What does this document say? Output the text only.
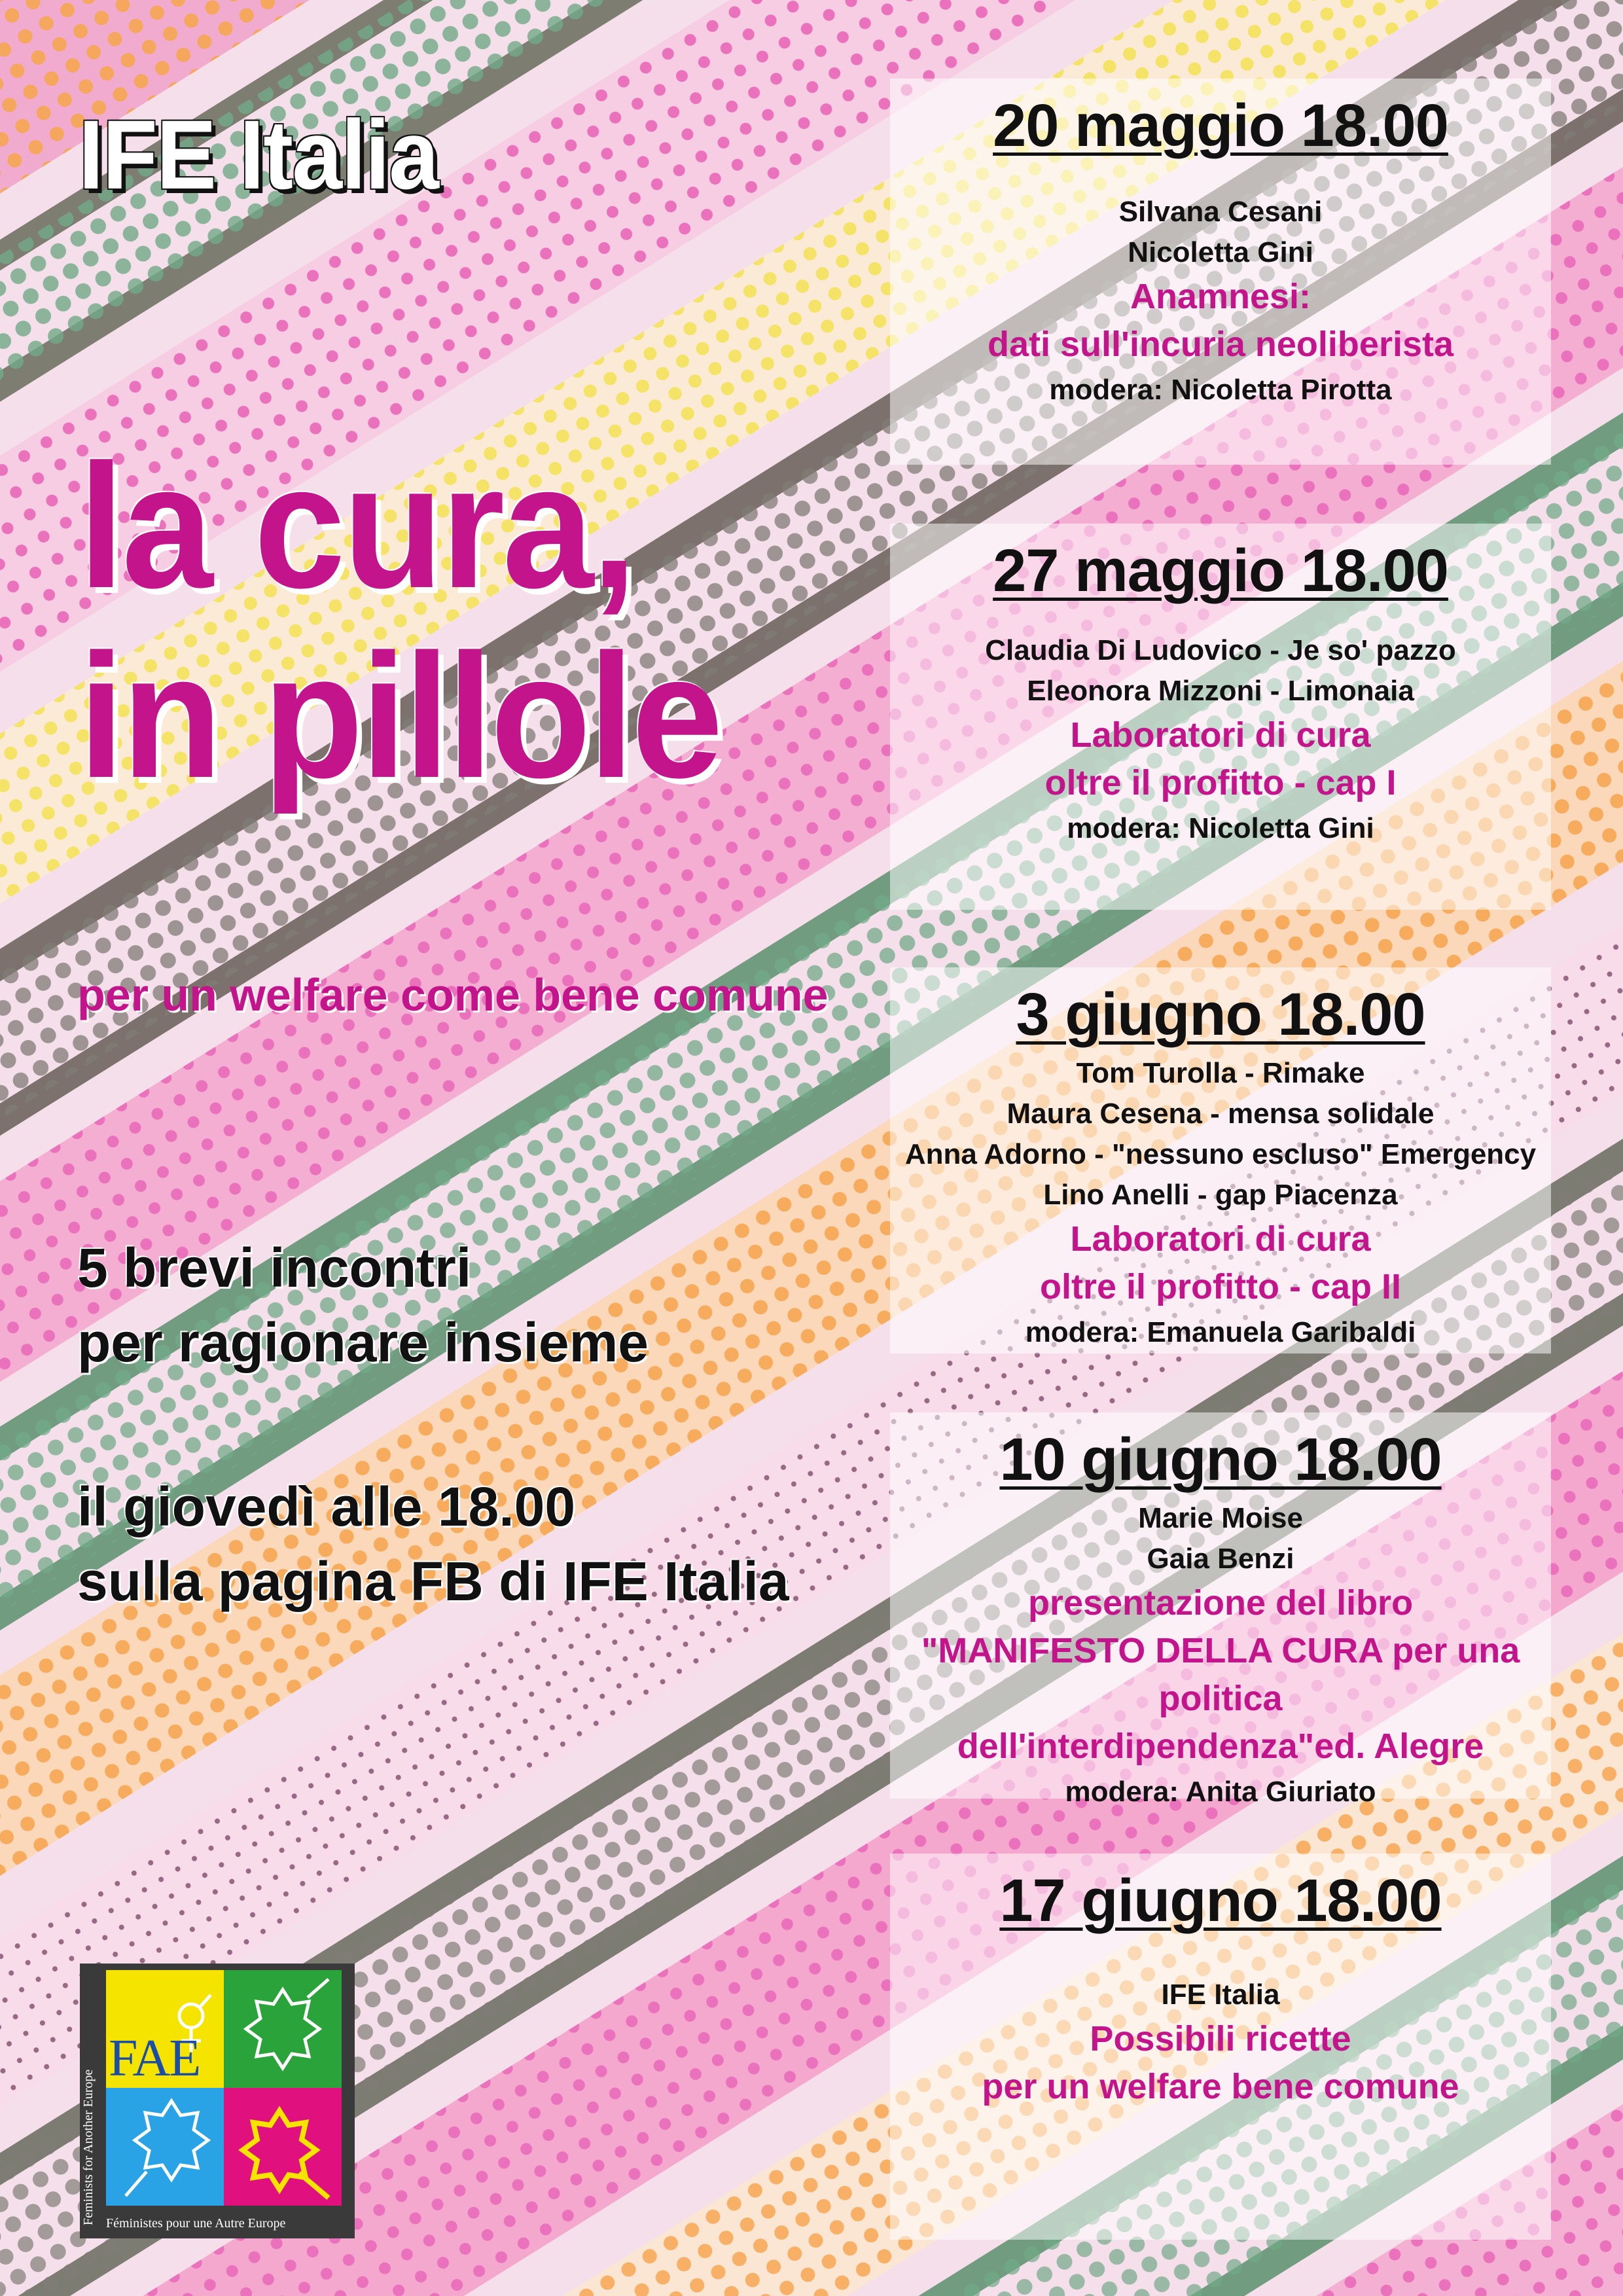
IFE Italia
la cura,
in pillole
per un welfare come bene comune
5 brevi incontri
per ragionare insieme
il giovedì alle 18.00
sulla pagina FB di IFE Italia
20 maggio 18.00
Silvana Cesani
Nicoletta Gini
Anamnesi:
dati sull'incuria neoliberista
modera: Nicoletta Pirotta
27 maggio 18.00
Claudia Di Ludovico - Je so' pazzo
Eleonora Mizzoni - Limonaia
Laboratori di cura
oltre il profitto - cap I
modera: Nicoletta Gini
3 giugno 18.00
Tom Turolla - Rimake
Maura Cesena - mensa solidale
Anna Adorno - "nessuno escluso" Emergency
Lino Anelli - gap Piacenza
Laboratori di cura
oltre il profitto - cap II
modera: Emanuela Garibaldi
10 giugno 18.00
Marie Moise
Gaia Benzi
presentazione del libro
"MANIFESTO DELLA CURA per una politica
dell'interdipendenza"ed. Alegre
modera: Anita Giuriato
17 giugno 18.00
IFE Italia
Possibili ricette
per un welfare bene comune
FAE
Feminists for Another Europe Féministes pour une Autre Europe
